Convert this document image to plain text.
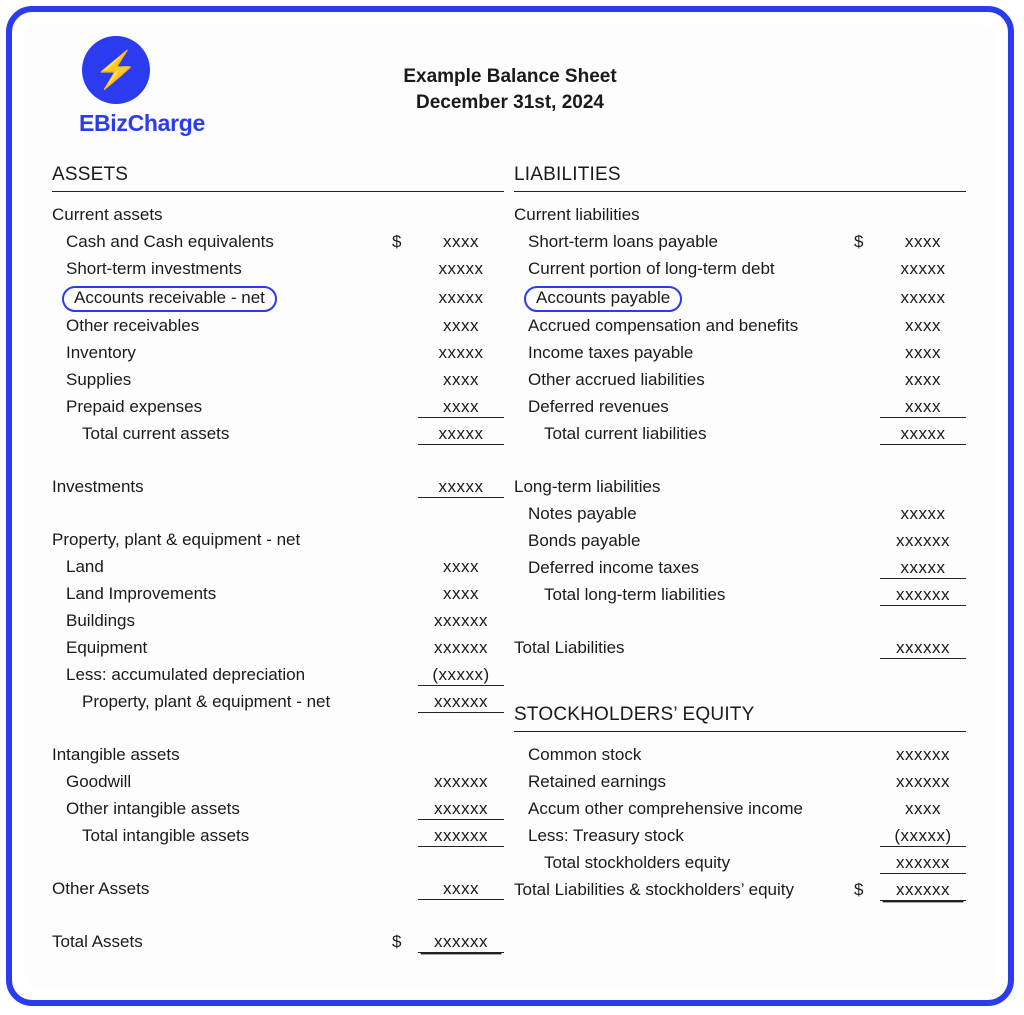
⚡
EBizCharge
Example Balance Sheet
December 31st, 2024
ASSETS
Current assets
Cash and Cash equivalents	$	xxxx
Short-term investments	xxxxx
Accounts receivable - net	xxxxx
Other receivables	xxxx
Inventory	xxxxx
Supplies	xxxx
Prepaid expenses	xxxx
Total current assets	xxxxx
Investments	xxxxx
Property, plant & equipment - net
Land	xxxx
Land Improvements	xxxx
Buildings	xxxxxx
Equipment	xxxxxx
Less: accumulated depreciation	(xxxxx)
Property, plant & equipment - net	xxxxxx
Intangible assets
Goodwill	xxxxxx
Other intangible assets	xxxxxx
Total intangible assets	xxxxxx
Other Assets	xxxx
Total Assets	$	xxxxxx
LIABILITIES
Current liabilities
Short-term loans payable	$	xxxx
Current portion of long-term debt	xxxxx
Accounts payable	xxxxx
Accrued compensation and benefits	xxxx
Income taxes payable	xxxx
Other accrued liabilities	xxxx
Deferred revenues	xxxx
Total current liabilities	xxxxx
Long-term liabilities
Notes payable	xxxxx
Bonds payable	xxxxxx
Deferred income taxes	xxxxx
Total long-term liabilities	xxxxxx
Total Liabilities	xxxxxx
STOCKHOLDERS’ EQUITY
Common stock	xxxxxx
Retained earnings	xxxxxx
Accum other comprehensive income	xxxx
Less: Treasury stock	(xxxxx)
Total stockholders equity	xxxxxx
Total Liabilities & stockholders’ equity	$	xxxxxx
